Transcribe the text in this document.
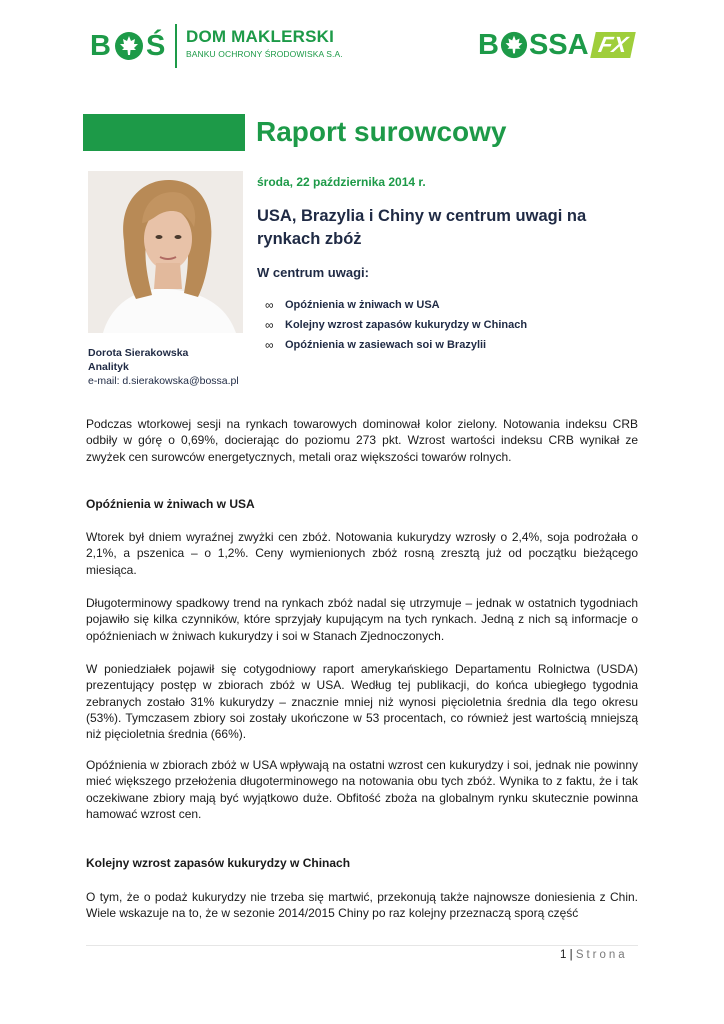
B Ś DOM MAKLERSKI
BANKU OCHRONY ŚRODOWISKA S.A.	B SSA FX
Raport surowcowy
środa, 22 października 2014 r.
USA, Brazylia i Chiny w centrum uwagi na rynkach zbóż
W centrum uwagi:
∞	Opóźnienia w żniwach w USA
∞	Kolejny wzrost zapasów kukurydzy w Chinach
∞	Opóźnienia w zasiewach soi w Brazylii
Dorota Sierakowska
Analityk
e-mail: d.sierakowska@bossa.pl

Podczas wtorkowej sesji na rynkach towarowych dominował kolor zielony. Notowania indeksu CRB odbiły w górę o 0,69%, docierając do poziomu 273 pkt. Wzrost wartości indeksu CRB wynikał ze zwyżek cen surowców energetycznych, metali oraz większości towarów rolnych.

Opóźnienia w żniwach w USA

Wtorek był dniem wyraźnej zwyżki cen zbóż. Notowania kukurydzy wzrosły o 2,4%, soja podrożała o 2,1%, a pszenica – o 1,2%. Ceny wymienionych zbóż rosną zresztą już od początku bieżącego miesiąca.

Długoterminowy spadkowy trend na rynkach zbóż nadal się utrzymuje – jednak w ostatnich tygodniach pojawiło się kilka czynników, które sprzyjały kupującym na tych rynkach. Jedną z nich są informacje o opóźnieniach w żniwach kukurydzy i soi w Stanach Zjednoczonych.

W poniedziałek pojawił się cotygodniowy raport amerykańskiego Departamentu Rolnictwa (USDA) prezentujący postęp w zbiorach zbóż w USA. Według tej publikacji, do końca ubiegłego tygodnia zebranych zostało 31% kukurydzy – znacznie mniej niż wynosi pięcioletnia średnia dla tego okresu (53%). Tymczasem zbiory soi zostały ukończone w 53 procentach, co również jest wartością mniejszą niż pięcioletnia średnia (66%).

Opóźnienia w zbiorach zbóż w USA wpływają na ostatni wzrost cen kukurydzy i soi, jednak nie powinny mieć większego przełożenia długoterminowego na notowania obu tych zbóż. Wynika to z faktu, że i tak oczekiwane zbiory mają być wyjątkowo duże. Obfitość zboża na globalnym rynku skutecznie powinna hamować wzrost cen.

Kolejny wzrost zapasów kukurydzy w Chinach

O tym, że o podaż kukurydzy nie trzeba się martwić, przekonują także najnowsze doniesienia z Chin. Wiele wskazuje na to, że w sezonie 2014/2015 Chiny po raz kolejny przeznaczą sporą część

1 | Strona
